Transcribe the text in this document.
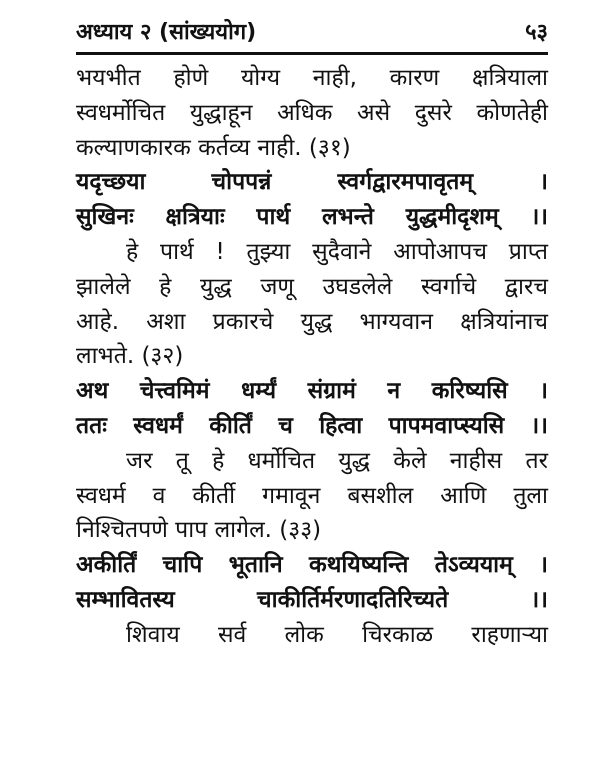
अध्याय २ (सांख्ययोग)	५३
भयभीत होणे योग्य नाही, कारण क्षत्रियाला
स्वधर्मोचित युद्धाहून अधिक असे दुसरे कोणतेही
कल्याणकारक कर्तव्य नाही. (३१)
यदृच्छया चोपपन्नं स्वर्गद्वारमपावृतम् ।
सुखिनः क्षत्रियाः पार्थ लभन्ते युद्धमीदृशम् ।।
हे पार्थ ! तुझ्या सुदैवाने आपोआपच प्राप्त
झालेले हे युद्ध जणू उघडलेले स्वर्गाचे द्वारच
आहे. अशा प्रकारचे युद्ध भाग्यवान क्षत्रियांनाच
लाभते. (३२)
अथ चेत्त्वमिमं धर्म्यं संग्रामं न करिष्यसि ।
ततः स्वधर्मं कीर्तिं च हित्वा पापमवाप्स्यसि ।।
जर तू हे धर्मोचित युद्ध केले नाहीस तर
स्वधर्म व कीर्ती गमावून बसशील आणि तुला
निश्चितपणे पाप लागेल. (३३)
अकीर्तिं चापि भूतानि कथयिष्यन्ति तेऽव्ययाम् ।
सम्भावितस्य चाकीर्तिर्मरणादतिरिच्यते ।।
शिवाय सर्व लोक चिरकाळ राहणाऱ्या
